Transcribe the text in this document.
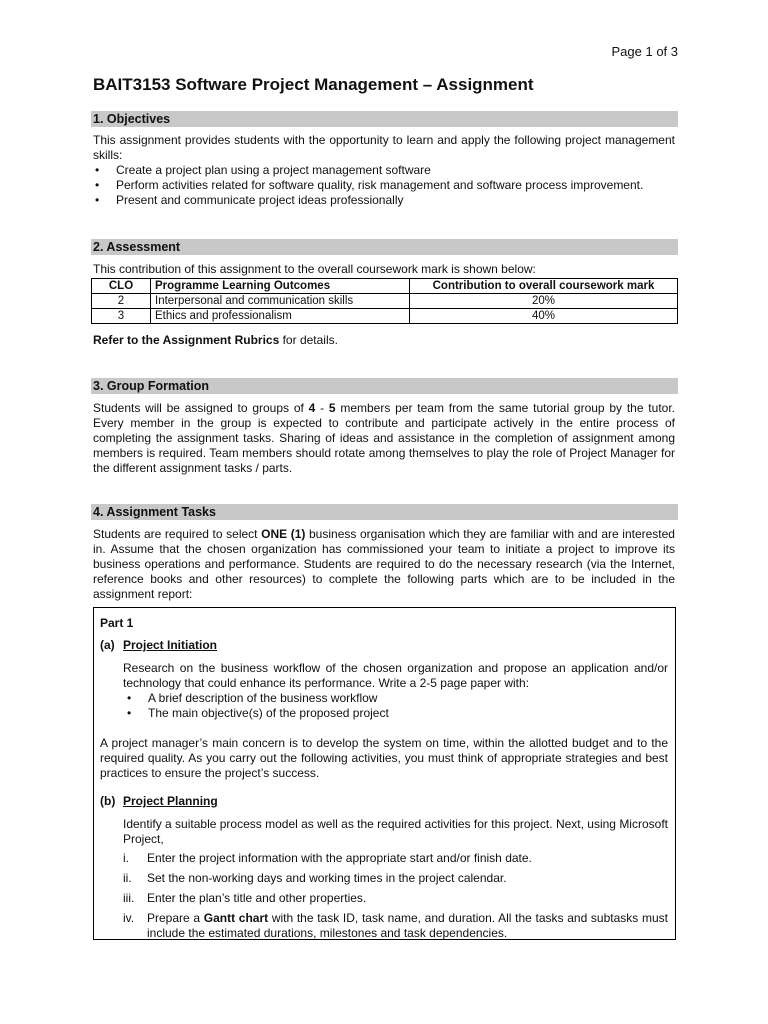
Page 1 of 3
BAIT3153 Software Project Management – Assignment
1. Objectives
This assignment provides students with the opportunity to learn and apply the following project management skills:
• Create a project plan using a project management software
• Perform activities related for software quality, risk management and software process improvement.
• Present and communicate project ideas professionally
2. Assessment
This contribution of this assignment to the overall coursework mark is shown below:
CLO	Programme Learning Outcomes	Contribution to overall coursework mark
2	Interpersonal and communication skills	20%
3	Ethics and professionalism	40%
Refer to the Assignment Rubrics for details.
3. Group Formation
Students will be assigned to groups of 4 - 5 members per team from the same tutorial group by the tutor. Every member in the group is expected to contribute and participate actively in the entire process of completing the assignment tasks. Sharing of ideas and assistance in the completion of assignment among members is required. Team members should rotate among themselves to play the role of Project Manager for the different assignment tasks / parts.
4. Assignment Tasks
Students are required to select ONE (1) business organisation which they are familiar with and are interested in. Assume that the chosen organization has commissioned your team to initiate a project to improve its business operations and performance. Students are required to do the necessary research (via the Internet, reference books and other resources) to complete the following parts which are to be included in the assignment report:
Part 1
(a) Project Initiation
Research on the business workflow of the chosen organization and propose an application and/or technology that could enhance its performance. Write a 2-5 page paper with:
• A brief description of the business workflow
• The main objective(s) of the proposed project
A project manager’s main concern is to develop the system on time, within the allotted budget and to the required quality. As you carry out the following activities, you must think of appropriate strategies and best practices to ensure the project’s success.
(b) Project Planning
Identify a suitable process model as well as the required activities for this project. Next, using Microsoft Project,
i. Enter the project information with the appropriate start and/or finish date.
ii. Set the non-working days and working times in the project calendar.
iii. Enter the plan’s title and other properties.
iv. Prepare a Gantt chart with the task ID, task name, and duration. All the tasks and subtasks must include the estimated durations, milestones and task dependencies.
